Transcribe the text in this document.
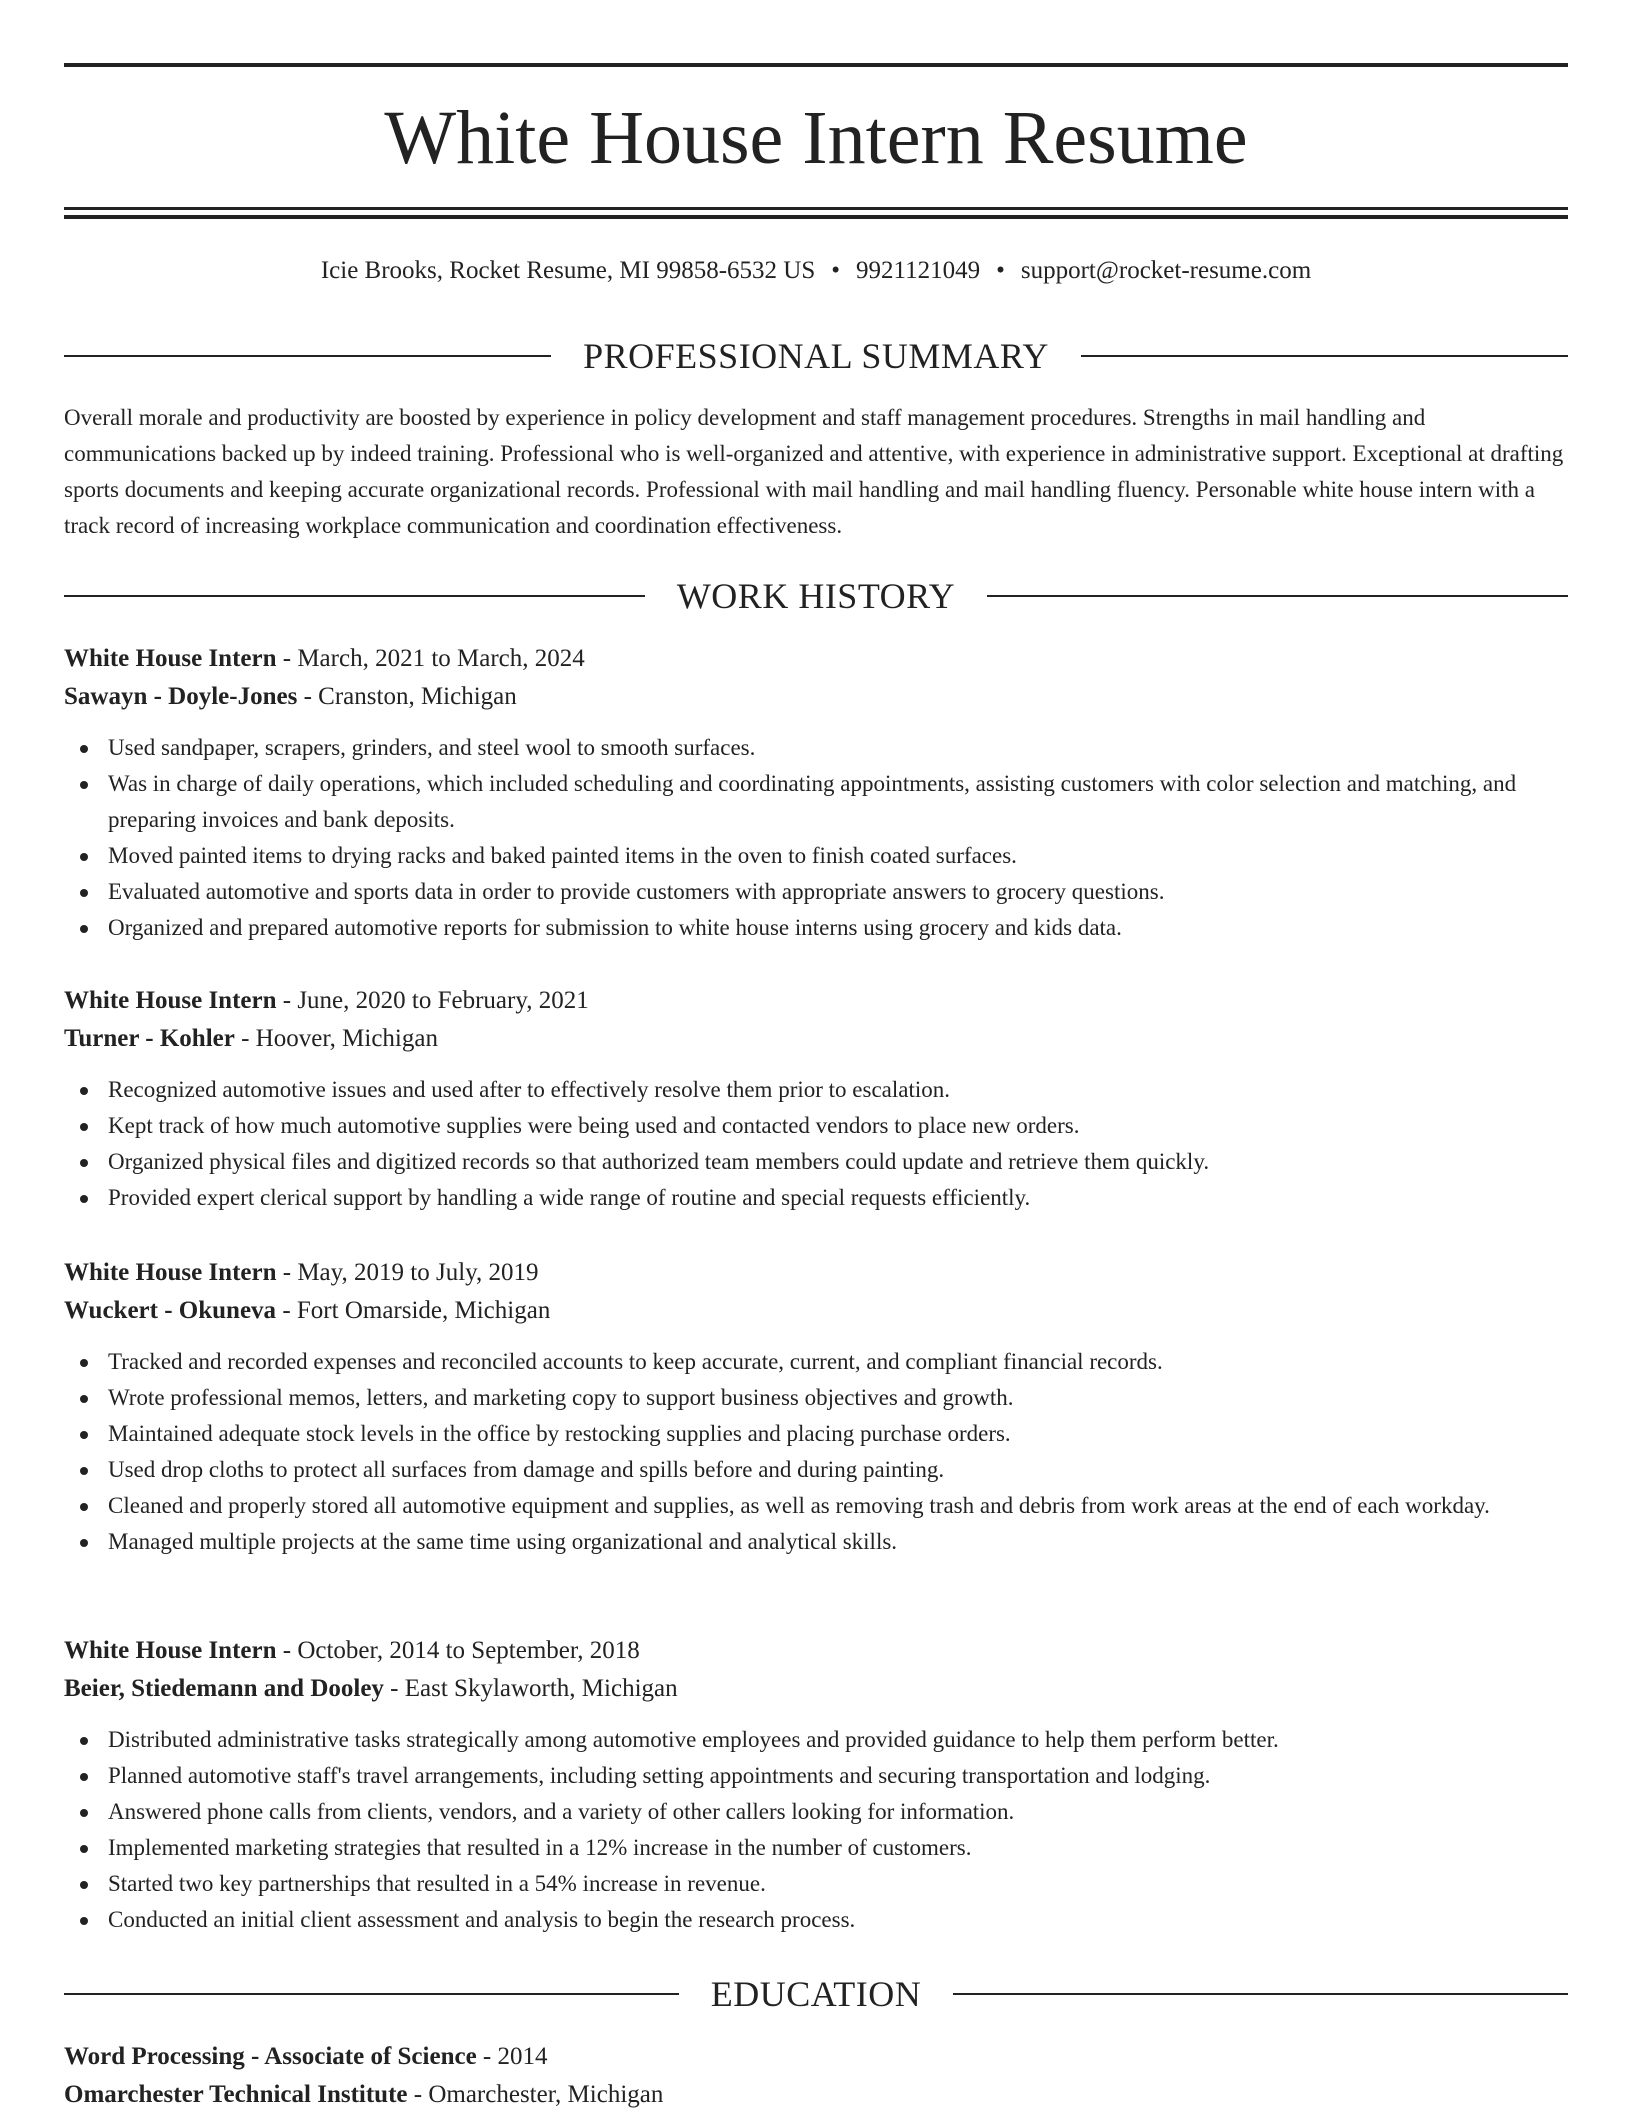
White House Intern Resume
Icie Brooks, Rocket Resume, MI 99858-6532 US • 9921121049 • support@rocket-resume.com
PROFESSIONAL SUMMARY

Overall morale and productivity are boosted by experience in policy development and staff management procedures. Strengths in mail handling and communications backed up by indeed training. Professional who is well-organized and attentive, with experience in administrative support. Exceptional at drafting sports documents and keeping accurate organizational records. Professional with mail handling and mail handling fluency. Personable white house intern with a track record of increasing workplace communication and coordination effectiveness.

WORK HISTORY
White House Intern - March, 2021 to March, 2024
Sawayn - Doyle-Jones - Cranston, Michigan
Used sandpaper, scrapers, grinders, and steel wool to smooth surfaces.
Was in charge of daily operations, which included scheduling and coordinating appointments, assisting customers with color selection and matching, and preparing invoices and bank deposits.
Moved painted items to drying racks and baked painted items in the oven to finish coated surfaces.
Evaluated automotive and sports data in order to provide customers with appropriate answers to grocery questions.
Organized and prepared automotive reports for submission to white house interns using grocery and kids data.
White House Intern - June, 2020 to February, 2021
Turner - Kohler - Hoover, Michigan
Recognized automotive issues and used after to effectively resolve them prior to escalation.
Kept track of how much automotive supplies were being used and contacted vendors to place new orders.
Organized physical files and digitized records so that authorized team members could update and retrieve them quickly.
Provided expert clerical support by handling a wide range of routine and special requests efficiently.
White House Intern - May, 2019 to July, 2019
Wuckert - Okuneva - Fort Omarside, Michigan
Tracked and recorded expenses and reconciled accounts to keep accurate, current, and compliant financial records.
Wrote professional memos, letters, and marketing copy to support business objectives and growth.
Maintained adequate stock levels in the office by restocking supplies and placing purchase orders.
Used drop cloths to protect all surfaces from damage and spills before and during painting.
Cleaned and properly stored all automotive equipment and supplies, as well as removing trash and debris from work areas at the end of each workday.
Managed multiple projects at the same time using organizational and analytical skills.
White House Intern - October, 2014 to September, 2018
Beier, Stiedemann and Dooley - East Skylaworth, Michigan
Distributed administrative tasks strategically among automotive employees and provided guidance to help them perform better.
Planned automotive staff's travel arrangements, including setting appointments and securing transportation and lodging.
Answered phone calls from clients, vendors, and a variety of other callers looking for information.
Implemented marketing strategies that resulted in a 12% increase in the number of customers.
Started two key partnerships that resulted in a 54% increase in revenue.
Conducted an initial client assessment and analysis to begin the research process.
EDUCATION
Word Processing - Associate of Science - 2014
Omarchester Technical Institute - Omarchester, Michigan
